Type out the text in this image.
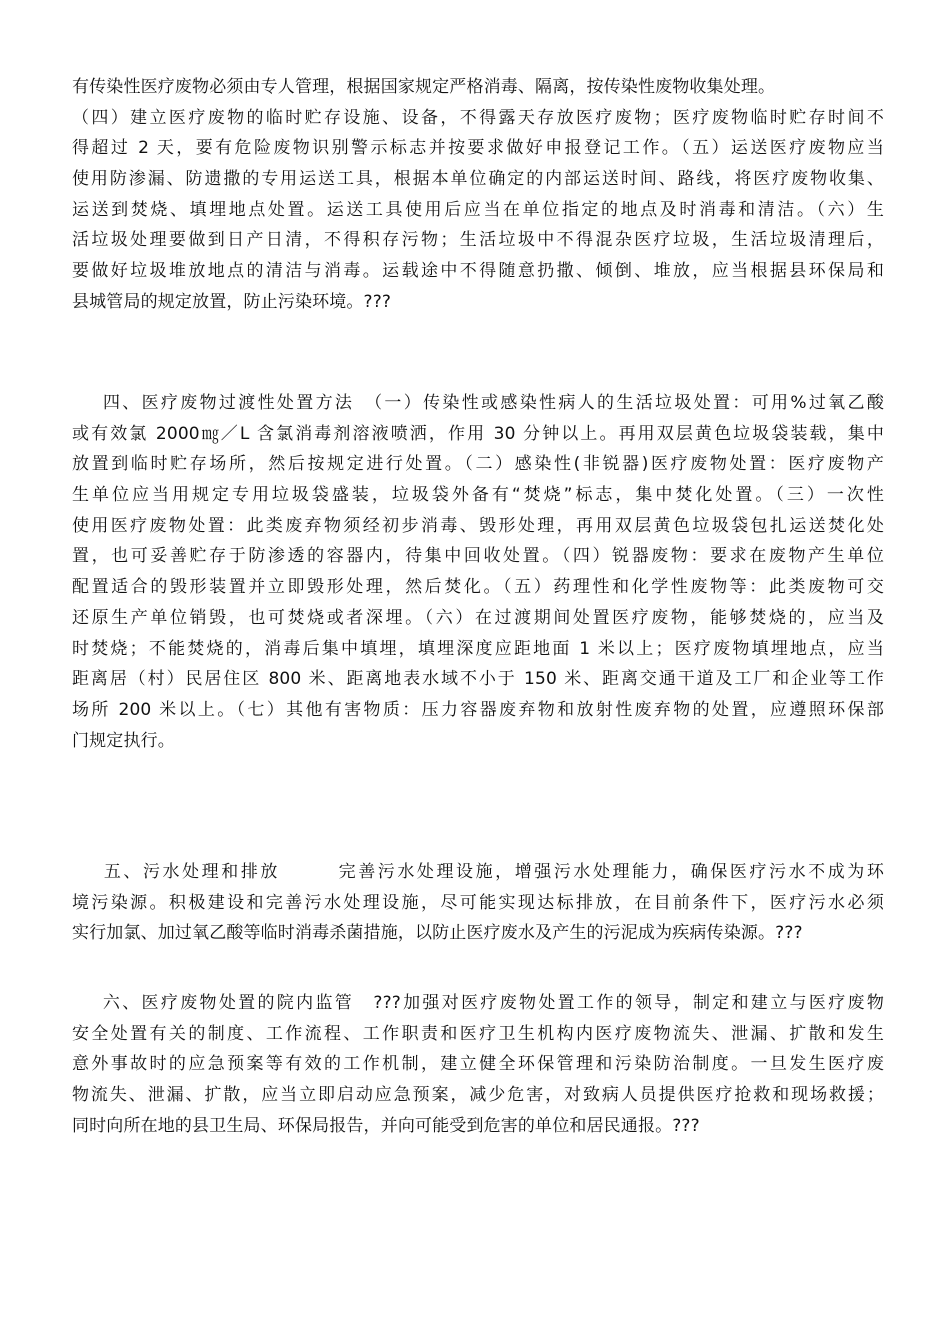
有传染性医疗废物必须由专人管理，根据国家规定严格消毒、隔离，按传染性废物收集处理。
（四）建立医疗废物的临时贮存设施、设备，不得露天存放医疗废物；医疗废物临时贮存时间不
得超过 2 天，要有危险废物识别警示标志并按要求做好申报登记工作。（五）运送医疗废物应当
使用防渗漏、防遗撒的专用运送工具，根据本单位确定的内部运送时间、路线，将医疗废物收集、
运送到焚烧、填埋地点处置。运送工具使用后应当在单位指定的地点及时消毒和清洁。（六）生
活垃圾处理要做到日产日清，不得积存污物；生活垃圾中不得混杂医疗垃圾，生活垃圾清理后，
要做好垃圾堆放地点的清洁与消毒。运载途中不得随意扔撒、倾倒、堆放，应当根据县环保局和
县城管局的规定放置，防止污染环境。???
四、医疗废物过渡性处置方法　（一）传染性或感染性病人的生活垃圾处置：可用%过氧乙酸
或有效氯 2000㎎／L 含氯消毒剂溶液喷洒，作用 30 分钟以上。再用双层黄色垃圾袋装载，集中
放置到临时贮存场所，然后按规定进行处置。（二）感染性(非锐器)医疗废物处置：医疗废物产
生单位应当用规定专用垃圾袋盛装，垃圾袋外备有“焚烧”标志，集中焚化处置。（三）一次性
使用医疗废物处置：此类废弃物须经初步消毒、毁形处理，再用双层黄色垃圾袋包扎运送焚化处
置，也可妥善贮存于防渗透的容器内，待集中回收处置。（四）锐器废物：要求在废物产生单位
配置适合的毁形装置并立即毁形处理，然后焚化。（五）药理性和化学性废物等：此类废物可交
还原生产单位销毁，也可焚烧或者深埋。（六）在过渡期间处置医疗废物，能够焚烧的，应当及
时焚烧；不能焚烧的，消毒后集中填埋，填埋深度应距地面 1 米以上；医疗废物填埋地点，应当
距离居（村）民居住区 800 米、距离地表水域不小于 150 米、距离交通干道及工厂和企业等工作
场所 200 米以上。（七）其他有害物质：压力容器废弃物和放射性废弃物的处置，应遵照环保部
门规定执行。
五、污水处理和排放　　　完善污水处理设施，增强污水处理能力，确保医疗污水不成为环
境污染源。积极建设和完善污水处理设施，尽可能实现达标排放，在目前条件下，医疗污水必须
实行加氯、加过氧乙酸等临时消毒杀菌措施，以防止医疗废水及产生的污泥成为疾病传染源。???
六、医疗废物处置的院内监管　???加强对医疗废物处置工作的领导，制定和建立与医疗废物
安全处置有关的制度、工作流程、工作职责和医疗卫生机构内医疗废物流失、泄漏、扩散和发生
意外事故时的应急预案等有效的工作机制，建立健全环保管理和污染防治制度。一旦发生医疗废
物流失、泄漏、扩散，应当立即启动应急预案，减少危害，对致病人员提供医疗抢救和现场救援；
同时向所在地的县卫生局、环保局报告，并向可能受到危害的单位和居民通报。???
